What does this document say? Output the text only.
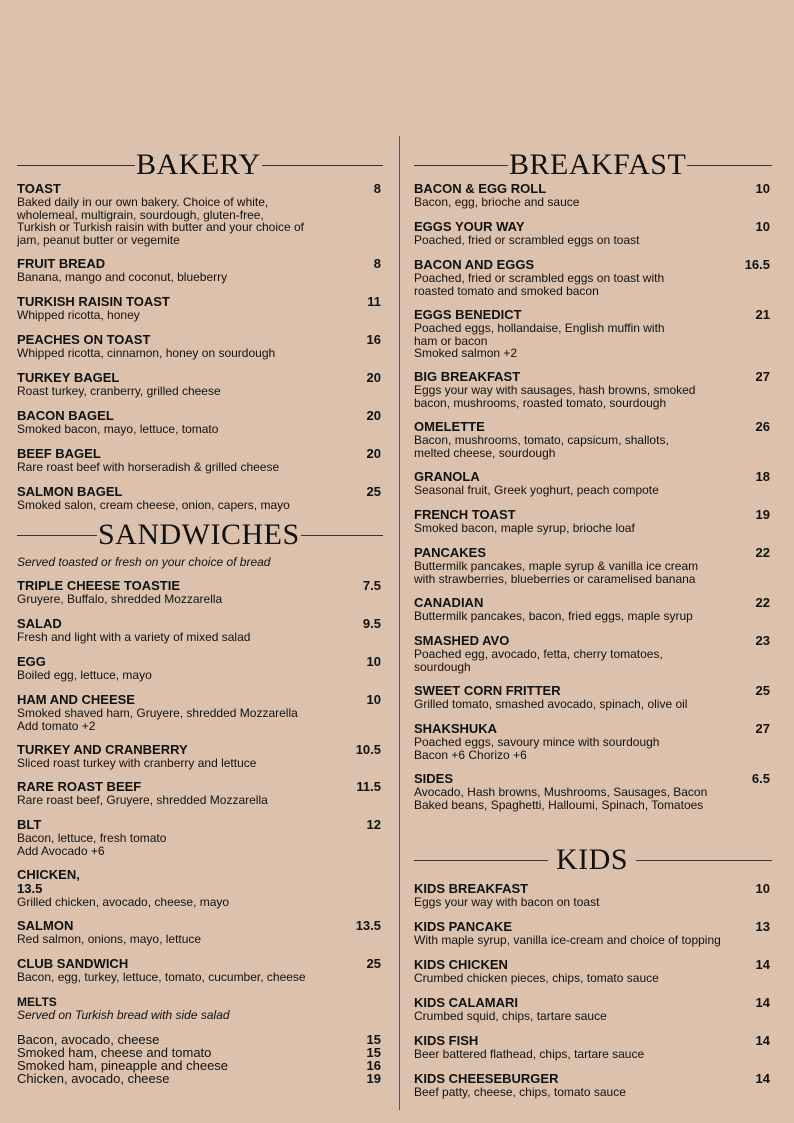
BAKERY
TOAST	8
Baked daily in our own bakery. Choice of white,
wholemeal, multigrain, sourdough, gluten-free,
Turkish or Turkish raisin with butter and your choice of
jam, peanut butter or vegemite
FRUIT BREAD	8
Banana, mango and coconut, blueberry
TURKISH RAISIN TOAST	11
Whipped ricotta, honey
PEACHES ON TOAST	16
Whipped ricotta, cinnamon, honey on sourdough
TURKEY BAGEL	20
Roast turkey, cranberry, grilled cheese
BACON BAGEL	20
Smoked bacon, mayo, lettuce, tomato
BEEF BAGEL	20
Rare roast beef with horseradish & grilled cheese
SALMON BAGEL	25
Smoked salon, cream cheese, onion, capers, mayo
SANDWICHES
Served toasted or fresh on your choice of bread
TRIPLE CHEESE TOASTIE	7.5
Gruyere, Buffalo, shredded Mozzarella
SALAD	9.5
Fresh and light with a variety of mixed salad
EGG	10
Boiled egg, lettuce, mayo
HAM AND CHEESE	10
Smoked shaved ham, Gruyere, shredded Mozzarella
Add tomato +2
TURKEY AND CRANBERRY	10.5
Sliced roast turkey with cranberry and lettuce
RARE ROAST BEEF	11.5
Rare roast beef, Gruyere, shredded Mozzarella
BLT	12
Bacon, lettuce, fresh tomato
Add Avocado +6
CHICKEN,
13.5
Grilled chicken, avocado, cheese, mayo
SALMON	13.5
Red salmon, onions, mayo, lettuce
CLUB SANDWICH	25
Bacon, egg, turkey, lettuce, tomato, cucumber, cheese
MELTS
Served on Turkish bread with side salad
Bacon, avocado, cheese	15
Smoked ham, cheese and tomato	15
Smoked ham, pineapple and cheese	16
Chicken, avocado, cheese	19
BREAKFAST
BACON & EGG ROLL	10
Bacon, egg, brioche and sauce
EGGS YOUR WAY	10
Poached, fried or scrambled eggs on toast
BACON AND EGGS	16.5
Poached, fried or scrambled eggs on toast with
roasted tomato and smoked bacon
EGGS BENEDICT	21
Poached eggs, hollandaise, English muffin with
ham or bacon
Smoked salmon +2
BIG BREAKFAST	27
Eggs your way with sausages, hash browns, smoked
bacon, mushrooms, roasted tomato, sourdough
OMELETTE	26
Bacon, mushrooms, tomato, capsicum, shallots,
melted cheese, sourdough
GRANOLA	18
Seasonal fruit, Greek yoghurt, peach compote
FRENCH TOAST	19
Smoked bacon, maple syrup, brioche loaf
PANCAKES	22
Buttermilk pancakes, maple syrup & vanilla ice cream
with strawberries, blueberries or caramelised banana
CANADIAN	22
Buttermilk pancakes, bacon, fried eggs, maple syrup
SMASHED AVO	23
Poached egg, avocado, fetta, cherry tomatoes,
sourdough
SWEET CORN FRITTER	25
Grilled tomato, smashed avocado, spinach, olive oil
SHAKSHUKA	27
Poached eggs, savoury mince with sourdough
Bacon +6 Chorizo +6
SIDES	6.5
Avocado, Hash browns, Mushrooms, Sausages, Bacon
Baked beans, Spaghetti, Halloumi, Spinach, Tomatoes
KIDS
KIDS BREAKFAST	10
Eggs your way with bacon on toast
KIDS PANCAKE	13
With maple syrup, vanilla ice-cream and choice of topping
KIDS CHICKEN	14
Crumbed chicken pieces, chips, tomato sauce
KIDS CALAMARI	14
Crumbed squid, chips, tartare sauce
KIDS FISH	14
Beer battered flathead, chips, tartare sauce
KIDS CHEESEBURGER	14
Beef patty, cheese, chips, tomato sauce
